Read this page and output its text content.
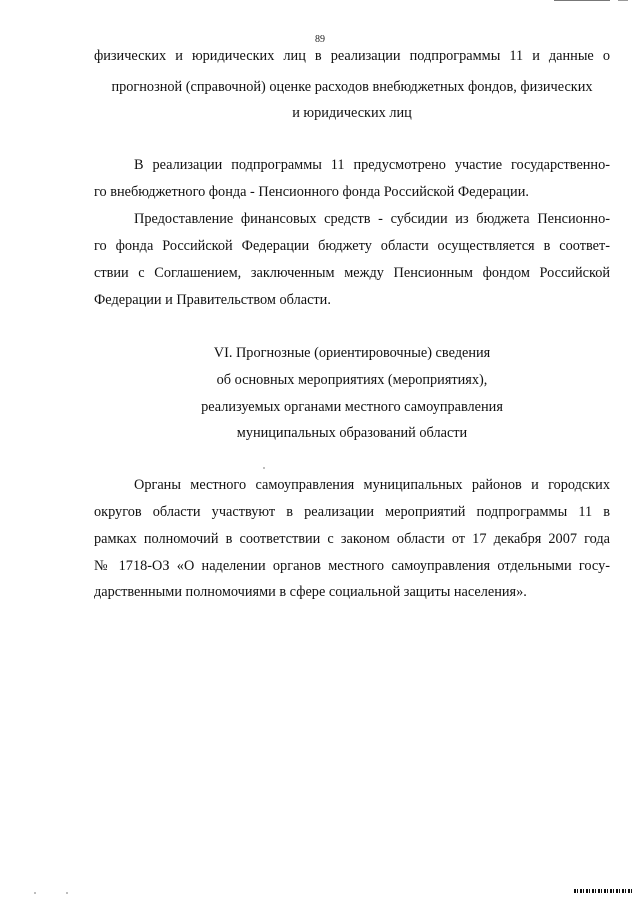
89
физических и юридических лиц в реализации подпрограммы 11 и данные о
прогнозной (справочной) оценке расходов внебюджетных фондов, физических
и юридических лиц
В реализации подпрограммы 11 предусмотрено участие государственно-
го внебюджетного фонда - Пенсионного фонда Российской Федерации.
Предоставление финансовых средств - субсидии из бюджета Пенсионно-
го фонда Российской Федерации бюджету области осуществляется в соответ-
ствии с Соглашением, заключенным между Пенсионным фондом Российской
Федерации и Правительством области.
VI. Прогнозные (ориентировочные) сведения
об основных мероприятиях (мероприятиях),
реализуемых органами местного самоуправления
муниципальных образований области
Органы местного самоуправления муниципальных районов и городских
округов области участвуют в реализации мероприятий подпрограммы 11 в
рамках полномочий в соответствии с законом области от 17 декабря 2007 года
№ 1718-ОЗ «О наделении органов местного самоуправления отдельными госу-
дарственными полномочиями в сфере социальной защиты населения».
